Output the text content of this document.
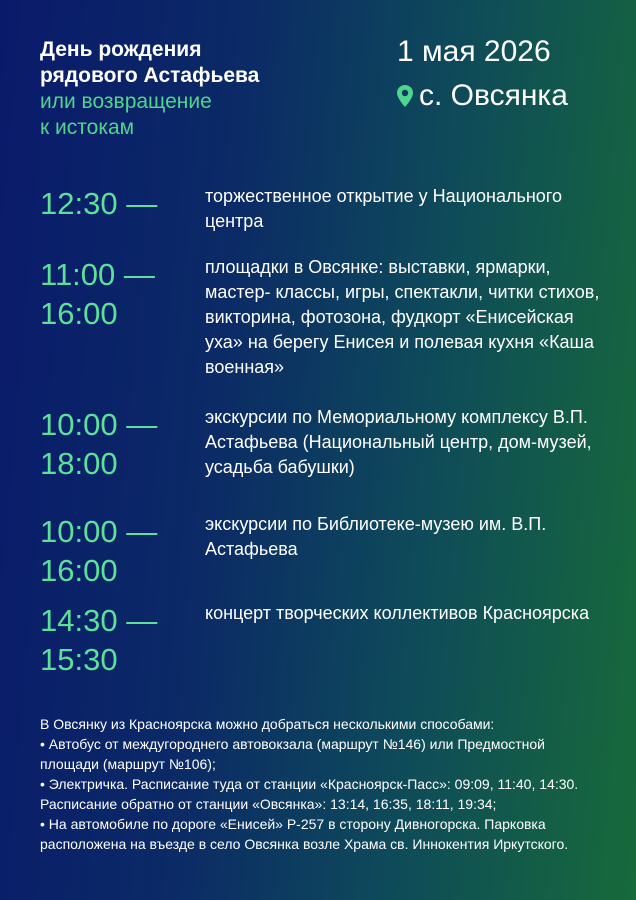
День рождения
рядового Астафьева
или возвращение
к истокам
1 мая 2026
с. Овсянка
12:30 —	торжественное открытие у Национального центра
11:00 —
16:00
площадки в Овсянке: выставки, ярмарки, мастер- классы, игры, спектакли, читки стихов, викторина, фотозона, фудкорт «Енисейская уха» на берегу Енисея и полевая кухня «Каша военная»
10:00 —
18:00
экскурсии по Мемориальному комплексу В.П. Астафьева (Национальный центр, дом-музей, усадьба бабушки)
10:00 —
16:00
экскурсии по Библиотеке-музею им. В.П. Астафьева
14:30 —
15:30
концерт творческих коллективов Красноярска

В Овсянку из Красноярска можно добраться несколькими способами:

• Автобус от междугороднего автовокзала (маршрут №146) или Предмостной площади (маршрут №106);

• Электричка. Расписание туда от станции «Красноярск-Пасс»: 09:09, 11:40, 14:30. Расписание обратно от станции «Овсянка»: 13:14, 16:35, 18:11, 19:34;

• На автомобиле по дороге «Енисей» Р-257 в сторону Дивногорска. Парковка расположена на въезде в село Овсянка возле Храма св. Иннокентия Иркутского.
